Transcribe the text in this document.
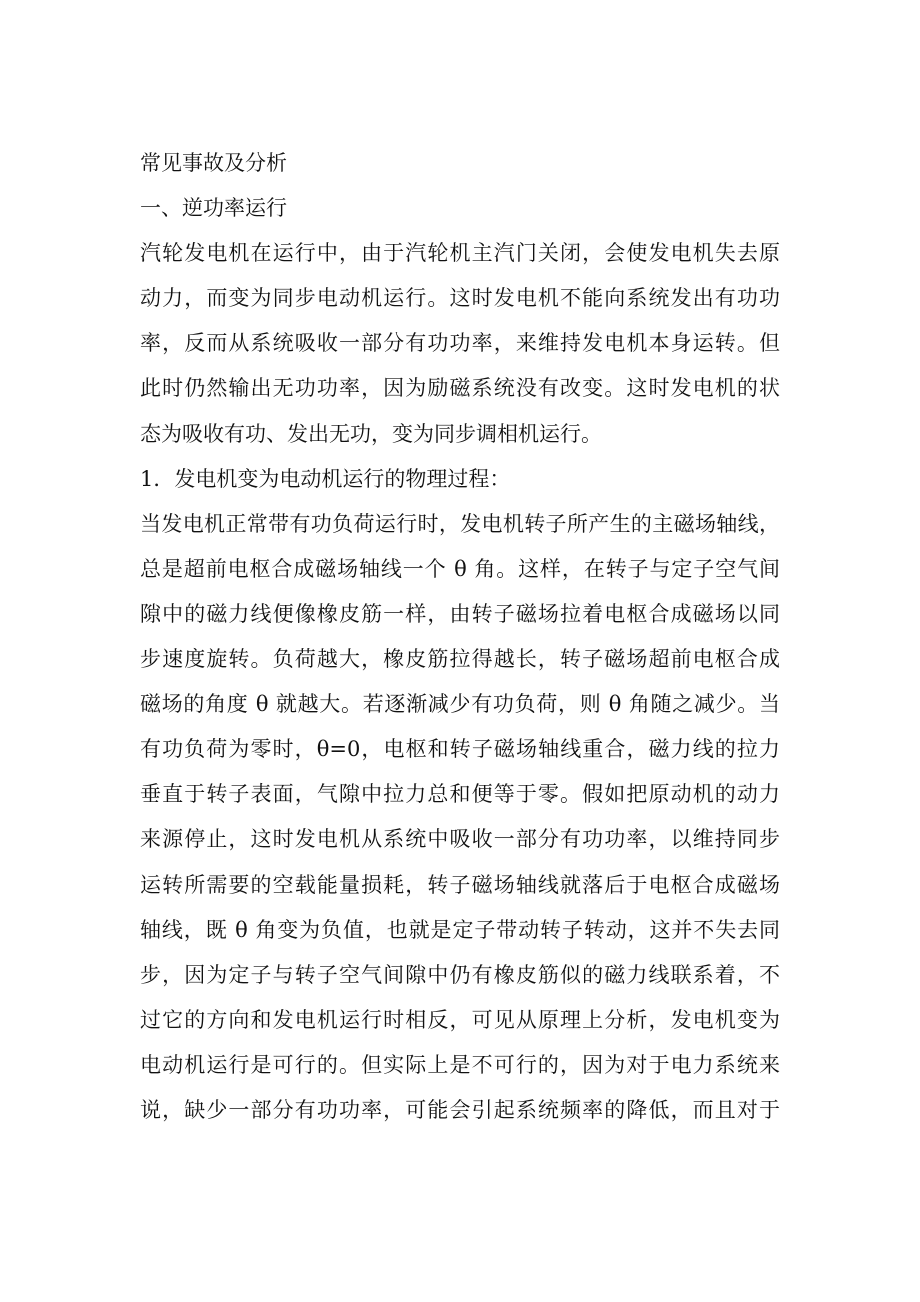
常见事故及分析
一、逆功率运行
汽轮发电机在运行中，由于汽轮机主汽门关闭，会使发电机失去原
动力，而变为同步电动机运行。这时发电机不能向系统发出有功功
率，反而从系统吸收一部分有功功率，来维持发电机本身运转。但
此时仍然输出无功功率，因为励磁系统没有改变。这时发电机的状
态为吸收有功、发出无功，变为同步调相机运行。
1．发电机变为电动机运行的物理过程：
当发电机正常带有功负荷运行时，发电机转子所产生的主磁场轴线，
总是超前电枢合成磁场轴线一个 θ 角。这样，在转子与定子空气间
隙中的磁力线便像橡皮筋一样，由转子磁场拉着电枢合成磁场以同
步速度旋转。负荷越大，橡皮筋拉得越长，转子磁场超前电枢合成
磁场的角度 θ 就越大。若逐渐减少有功负荷，则 θ 角随之减少。当
有功负荷为零时，θ=0，电枢和转子磁场轴线重合，磁力线的拉力
垂直于转子表面，气隙中拉力总和便等于零。假如把原动机的动力
来源停止，这时发电机从系统中吸收一部分有功功率，以维持同步
运转所需要的空载能量损耗，转子磁场轴线就落后于电枢合成磁场
轴线，既 θ 角变为负值，也就是定子带动转子转动，这并不失去同
步，因为定子与转子空气间隙中仍有橡皮筋似的磁力线联系着，不
过它的方向和发电机运行时相反，可见从原理上分析，发电机变为
电动机运行是可行的。但实际上是不可行的，因为对于电力系统来
说，缺少一部分有功功率，可能会引起系统频率的降低，而且对于
